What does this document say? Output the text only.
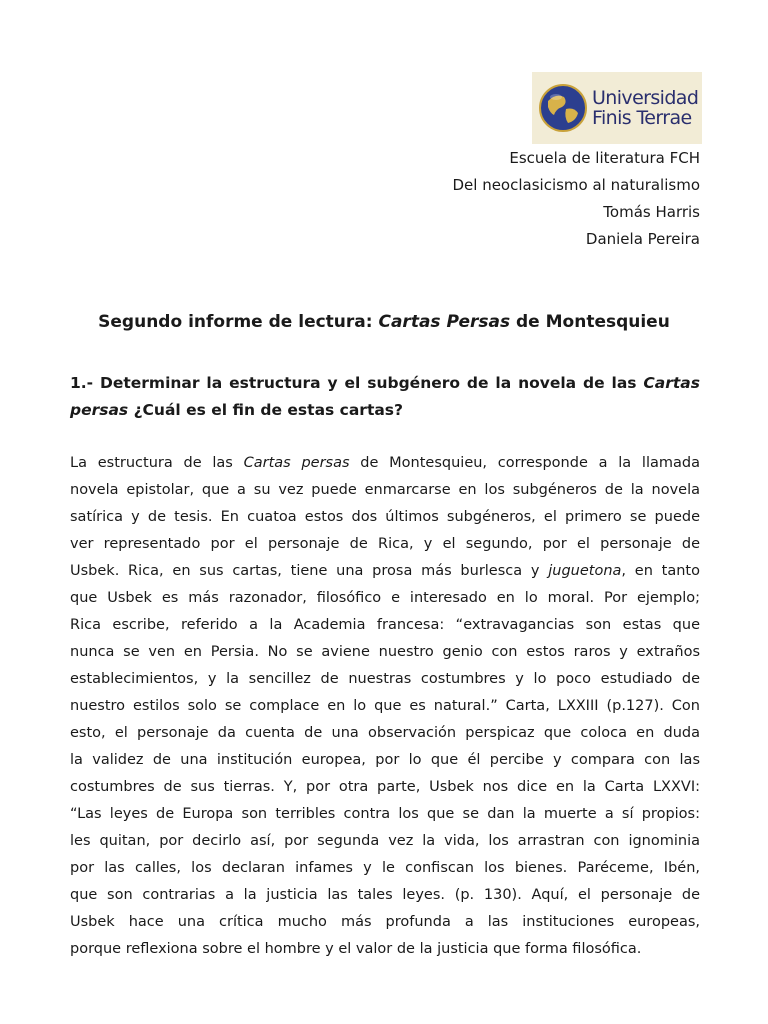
Universidad
Finis Terrae
Escuela de literatura FCH
Del neoclasicismo al naturalismo
Tomás Harris
Daniela Pereira
Segundo informe de lectura: Cartas Persas de Montesquieu
1.- Determinar la estructura y el subgénero de la novela de las Cartas
persas ¿Cuál es el fin de estas cartas?
La estructura de las Cartas persas de Montesquieu, corresponde a la llamada
novela epistolar, que a su vez puede enmarcarse en los subgéneros de la novela
satírica y de tesis. En cuatoa estos dos últimos subgéneros, el primero se puede
ver representado por el personaje de Rica, y el segundo, por el personaje de
Usbek. Rica, en sus cartas, tiene una prosa más burlesca y juguetona, en tanto
que Usbek es más razonador, filosófico e interesado en lo moral. Por ejemplo;
Rica escribe, referido a la Academia francesa: “extravagancias son estas que
nunca se ven en Persia. No se aviene nuestro genio con estos raros y extraños
establecimientos, y la sencillez de nuestras costumbres y lo poco estudiado de
nuestro estilos solo se complace en lo que es natural.” Carta, LXXIII (p.127). Con
esto, el personaje da cuenta de una observación perspicaz que coloca en duda
la validez de una institución europea, por lo que él percibe y compara con las
costumbres de sus tierras. Y, por otra parte, Usbek nos dice en la Carta LXXVI:
“Las leyes de Europa son terribles contra los que se dan la muerte a sí propios:
les quitan, por decirlo así, por segunda vez la vida, los arrastran con ignominia
por las calles, los declaran infames y le confiscan los bienes. Paréceme, Ibén,
que son contrarias a la justicia las tales leyes. (p. 130). Aquí, el personaje de
Usbek hace una crítica mucho más profunda a las instituciones europeas,
porque reflexiona sobre el hombre y el valor de la justicia que forma filosófica.
